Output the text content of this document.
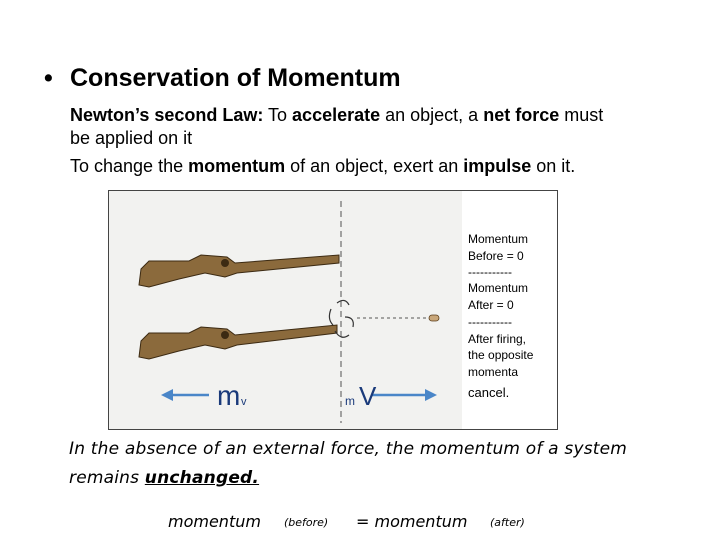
• Conservation of Momentum
Newton’s second Law: To accelerate an object, a net force must
be applied on it
To change the momentum of an object, exert an impulse on it.
m v	m V
Momentum
Before = 0
-----------
Momentum
After = 0
-----------
After firing,
the opposite
momenta
cancel.
In the absence of an external force, the momentum of a system
remains unchanged.
momentum (before) = momentum (after)
